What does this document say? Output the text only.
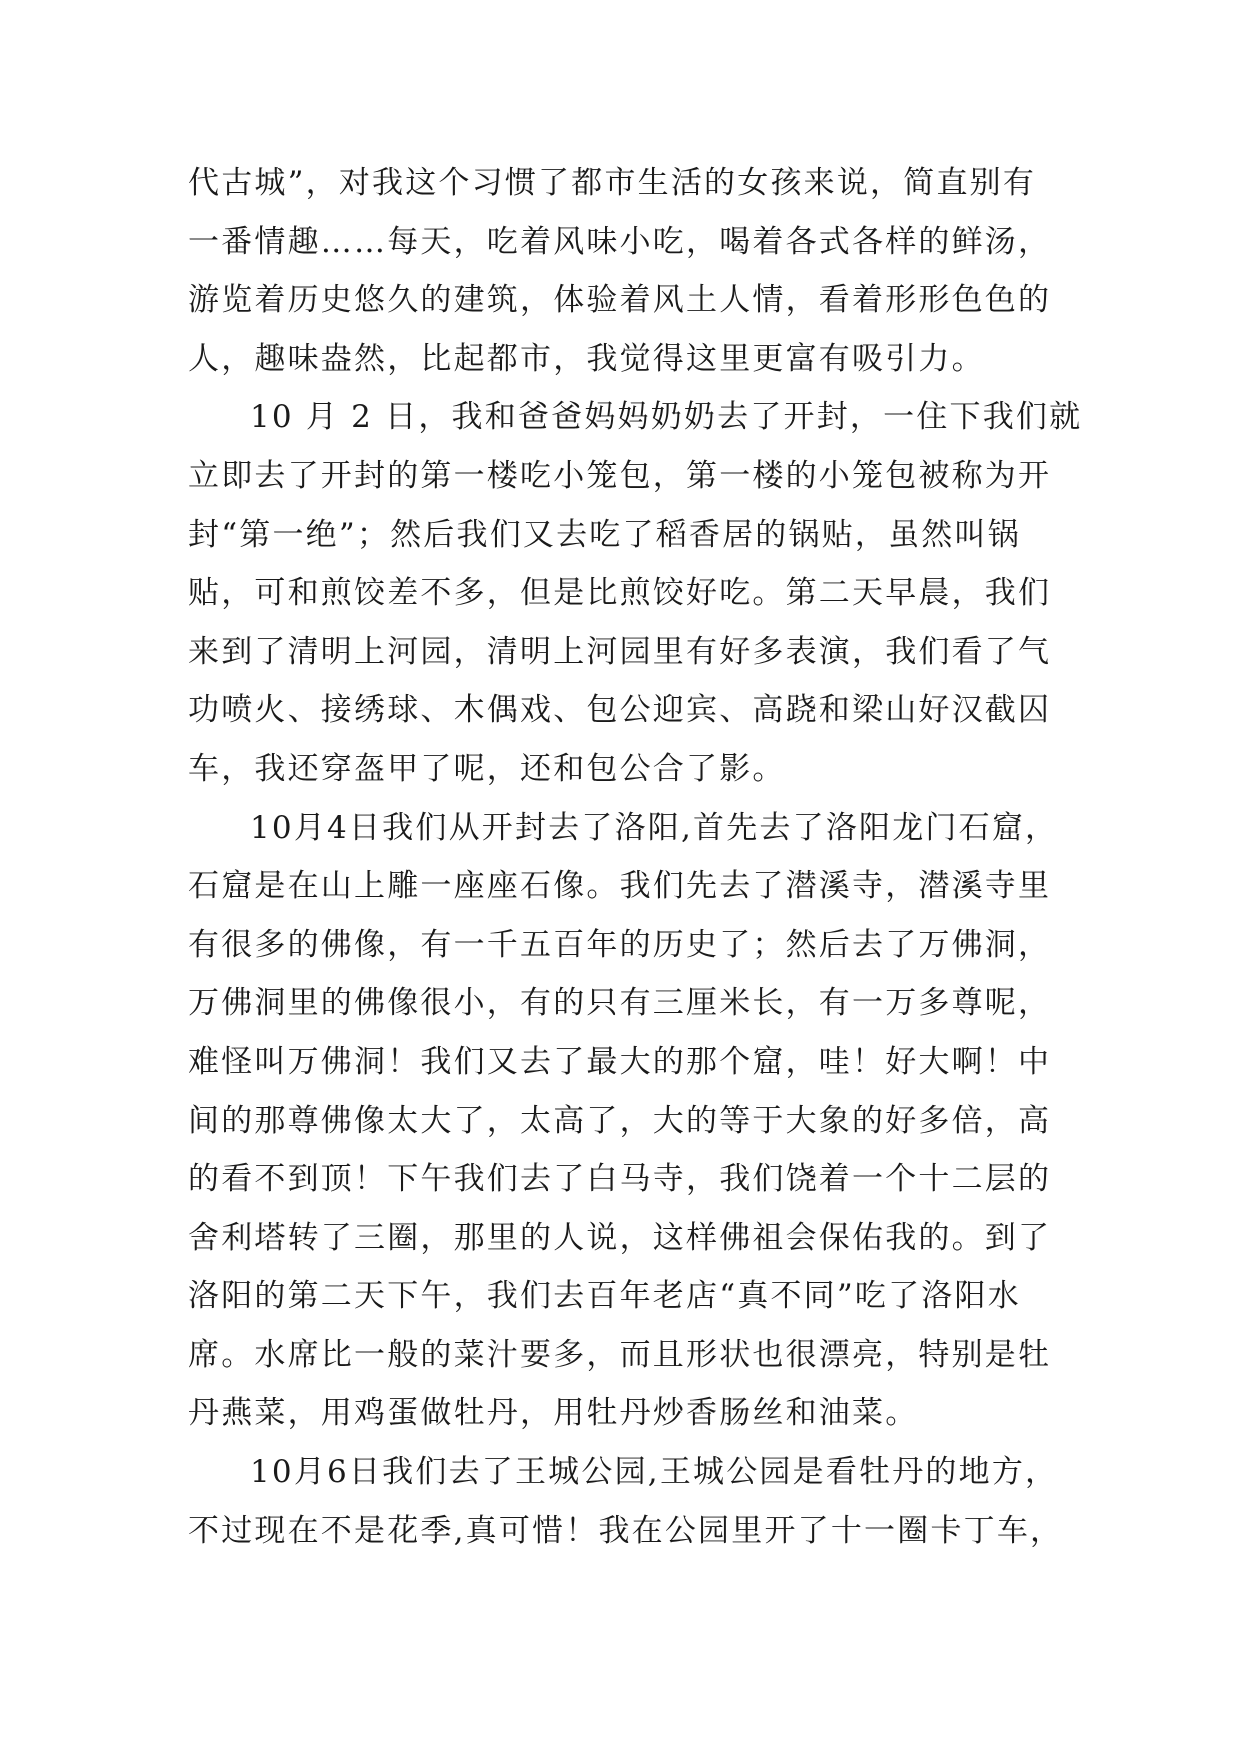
代古城”，对我这个习惯了都市生活的女孩来说，简直别有
一番情趣……每天，吃着风味小吃，喝着各式各样的鲜汤，
游览着历史悠久的建筑，体验着风土人情，看着形形色色的
人，趣味盎然，比起都市，我觉得这里更富有吸引力。
10 月 2 日，我和爸爸妈妈奶奶去了开封，一住下我们就
立即去了开封的第一楼吃小笼包，第一楼的小笼包被称为开
封“第一绝”；然后我们又去吃了稻香居的锅贴，虽然叫锅
贴，可和煎饺差不多，但是比煎饺好吃。第二天早晨，我们
来到了清明上河园，清明上河园里有好多表演，我们看了气
功喷火、接绣球、木偶戏、包公迎宾、高跷和梁山好汉截囚
车，我还穿盔甲了呢，还和包公合了影。
10月4日我们从开封去了洛阳,首先去了洛阳龙门石窟，
石窟是在山上雕一座座石像。我们先去了潜溪寺，潜溪寺里
有很多的佛像，有一千五百年的历史了；然后去了万佛洞，
万佛洞里的佛像很小，有的只有三厘米长，有一万多尊呢，
难怪叫万佛洞！我们又去了最大的那个窟，哇！好大啊！中
间的那尊佛像太大了，太高了，大的等于大象的好多倍，高
的看不到顶！下午我们去了白马寺，我们饶着一个十二层的
舍利塔转了三圈，那里的人说，这样佛祖会保佑我的。到了
洛阳的第二天下午，我们去百年老店“真不同”吃了洛阳水
席。水席比一般的菜汁要多，而且形状也很漂亮，特别是牡
丹燕菜，用鸡蛋做牡丹，用牡丹炒香肠丝和油菜。
10月6日我们去了王城公园,王城公园是看牡丹的地方，
不过现在不是花季,真可惜！我在公园里开了十一圈卡丁车，
